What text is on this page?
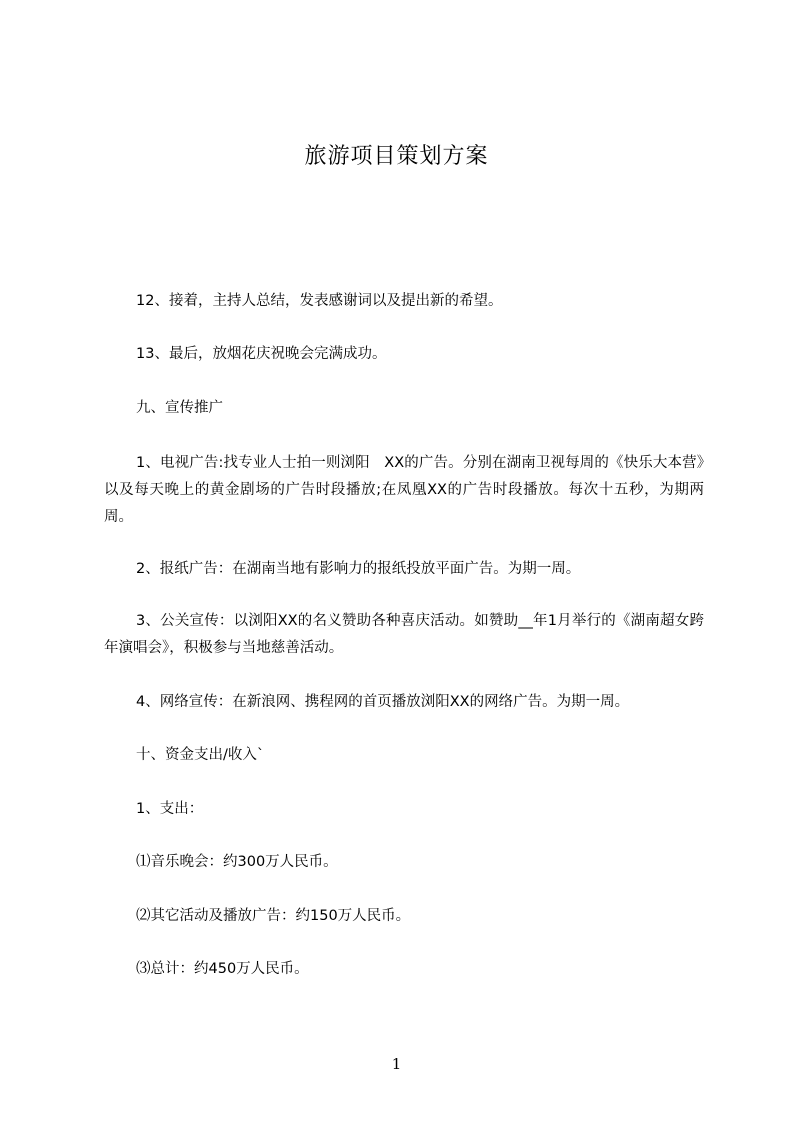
旅游项目策划方案
12、接着，主持人总结，发表感谢词以及提出新的希望。
13、最后，放烟花庆祝晚会完满成功。
九、宣传推广
1、电视广告:找专业人士拍一则浏阳　XX的广告。分别在湖南卫视每周的《快乐大本营》以及每天晚上的黄金剧场的广告时段播放;在凤凰XX的广告时段播放。每次十五秒，为期两周。
2、报纸广告：在湖南当地有影响力的报纸投放平面广告。为期一周。
3、公关宣传：以浏阳XX的名义赞助各种喜庆活动。如赞助__年1月举行的《湖南超女跨年演唱会》，积极参与当地慈善活动。
4、网络宣传：在新浪网、携程网的首页播放浏阳XX的网络广告。为期一周。
十、资金支出/收入`
1、支出：
⑴音乐晚会：约300万人民币。
⑵其它活动及播放广告：约150万人民币。
⑶总计：约450万人民币。
1
